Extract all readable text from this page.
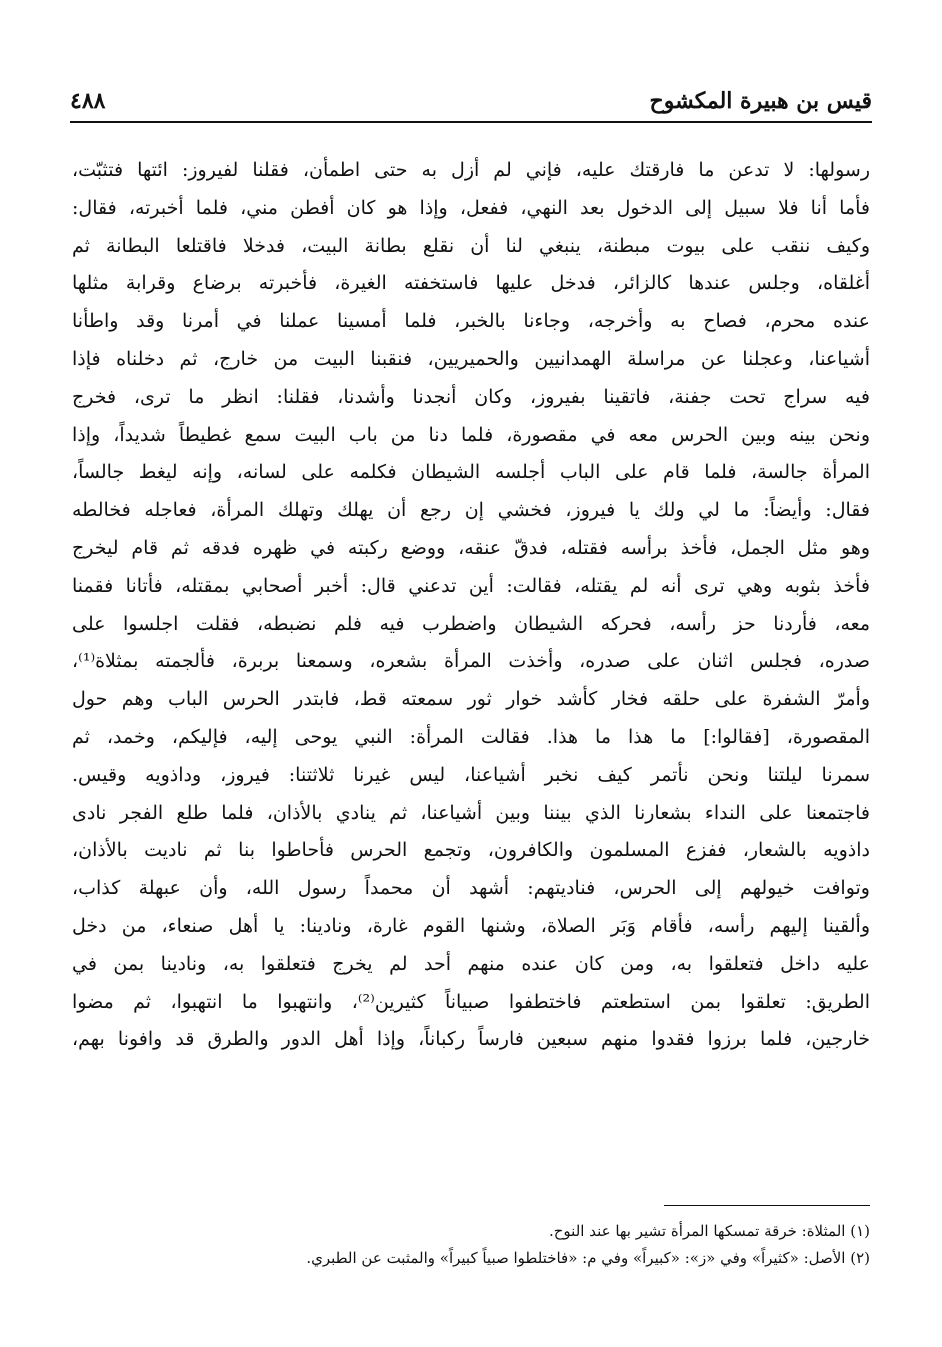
قيس بن هبيرة المكشوح
٤٨٨
رسولها: لا تدعن ما فارقتك عليه، فإني لم أزل به حتى اطمأن، فقلنا لفيروز: ائتها فتثبّت،
فأما أنا فلا سبيل إلى الدخول بعد النهي، ففعل، وإذا هو كان أفطن مني، فلما أخبرته، فقال:
وكيف ننقب على بيوت مبطنة، ينبغي لنا أن نقلع بطانة البيت، فدخلا فاقتلعا البطانة ثم
أغلقاه، وجلس عندها كالزائر، فدخل عليها فاستخفته الغيرة، فأخبرته برضاع وقرابة مثلها
عنده محرم، فصاح به وأخرجه، وجاءنا بالخبر، فلما أمسينا عملنا في أمرنا وقد واطأنا
أشياعنا، وعجلنا عن مراسلة الهمدانيين والحميريين، فنقبنا البيت من خارج، ثم دخلناه فإذا
فيه سراج تحت جفنة، فاتقينا بفيروز، وكان أنجدنا وأشدنا، فقلنا: انظر ما ترى، فخرج
ونحن بينه وبين الحرس معه في مقصورة، فلما دنا من باب البيت سمع غطيطاً شديداً، وإذا
المرأة جالسة، فلما قام على الباب أجلسه الشيطان فكلمه على لسانه، وإنه ليغط جالساً،
فقال: وأيضاً: ما لي ولك يا فيروز، فخشي إن رجع أن يهلك وتهلك المرأة، فعاجله فخالطه
وهو مثل الجمل، فأخذ برأسه فقتله، فدقّ عنقه، ووضع ركبته في ظهره فدقه ثم قام ليخرج
فأخذ بثوبه وهي ترى أنه لم يقتله، فقالت: أين تدعني قال: أخبر أصحابي بمقتله، فأتانا فقمنا
معه، فأردنا حز رأسه، فحركه الشيطان واضطرب فيه فلم نضبطه، فقلت اجلسوا على
صدره، فجلس اثنان على صدره، وأخذت المرأة بشعره، وسمعنا بربرة، فألجمته بمثلاة⁽¹⁾،
وأمرّ الشفرة على حلقه فخار كأشد خوار ثور سمعته قط، فابتدر الحرس الباب وهم حول
المقصورة، [فقالوا:] ما هذا ما هذا. فقالت المرأة: النبي يوحى إليه، فإليكم، وخمد، ثم
سمرنا ليلتنا ونحن نأتمر كيف نخبر أشياعنا، ليس غيرنا ثلاثتنا: فيروز، وداذويه وقيس.
فاجتمعنا على النداء بشعارنا الذي بيننا وبين أشياعنا، ثم ينادي بالأذان، فلما طلع الفجر نادى
داذويه بالشعار، ففزع المسلمون والكافرون، وتجمع الحرس فأحاطوا بنا ثم ناديت بالأذان،
وتوافت خيولهم إلى الحرس، فناديتهم: أشهد أن محمداً رسول الله، وأن عبهلة كذاب،
وألقينا إليهم رأسه، فأقام وَبَر الصلاة، وشنها القوم غارة، ونادينا: يا أهل صنعاء، من دخل
عليه داخل فتعلقوا به، ومن كان عنده منهم أحد لم يخرج فتعلقوا به، ونادينا بمن في
الطريق: تعلقوا بمن استطعتم فاختطفوا صبياناً كثيرين⁽²⁾، وانتهبوا ما انتهبوا، ثم مضوا
خارجين، فلما برزوا فقدوا منهم سبعين فارساً ركباناً، وإذا أهل الدور والطرق قد وافونا بهم،
(١) المثلاة: خرقة تمسكها المرأة تشير بها عند النوح.
(٢) الأصل: «كثيراً» وفي «ز»: «كبيراً» وفي م: «فاختلطوا صبياً كبيراً» والمثبت عن الطبري.
